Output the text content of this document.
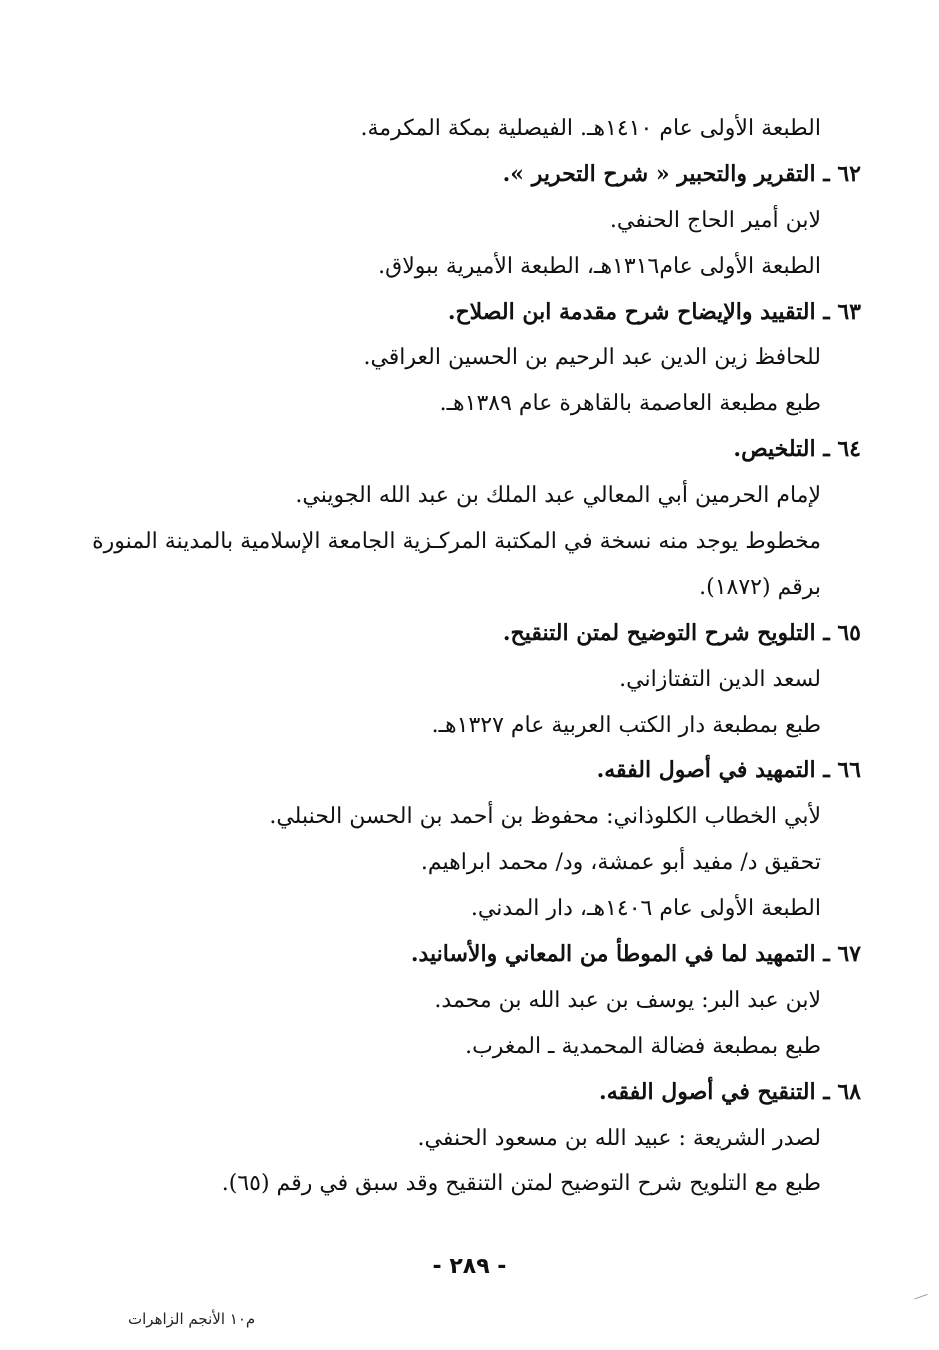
الطبعة الأولى عام ١٤١٠هـ. الفيصلية بمكة المكرمة.
٦٢ ـ التقرير والتحبير « شرح التحرير ».
لابن أمير الحاج الحنفي.
الطبعة الأولى عام١٣١٦هـ، الطبعة الأميرية ببولاق.
٦٣ ـ التقييد والإيضاح شرح مقدمة ابن الصلاح.
للحافظ زين الدين عبد الرحيم بن الحسين العراقي.
طبع مطبعة العاصمة بالقاهرة عام ١٣٨٩هـ.
٦٤ ـ التلخيص.
لإمام الحرمين أبي المعالي عبد الملك بن عبد الله الجويني.
مخطوط يوجد منه نسخة في المكتبة المركـزية الجامعة الإسلامية بالمدينة المنورة
برقم (١٨٧٢).
٦٥ ـ التلويح شرح التوضيح لمتن التنقيح.
لسعد الدين التفتازاني.
طبع بمطبعة دار الكتب العربية عام ١٣٢٧هـ.
٦٦ ـ التمهيد في أصول الفقه.
لأبي الخطاب الكلوذاني: محفوظ بن أحمد بن الحسن الحنبلي.
تحقيق د/ مفيد أبو عمشة، ود/ محمد ابراهيم.
الطبعة الأولى عام ١٤٠٦هـ، دار المدني.
٦٧ ـ التمهيد لما في الموطأ من المعاني والأسانيد.
لابن عبد البر: يوسف بن عبد الله بن محمد.
طبع بمطبعة فضالة المحمدية ـ المغرب.
٦٨ ـ التنقيح في أصول الفقه.
لصدر الشريعة : عبيد الله بن مسعود الحنفي.
طبع مع التلويح شرح التوضيح لمتن التنقيح وقد سبق في رقم (٦٥).
- ٢٨٩ -
م١٠ الأنجم الزاهرات
